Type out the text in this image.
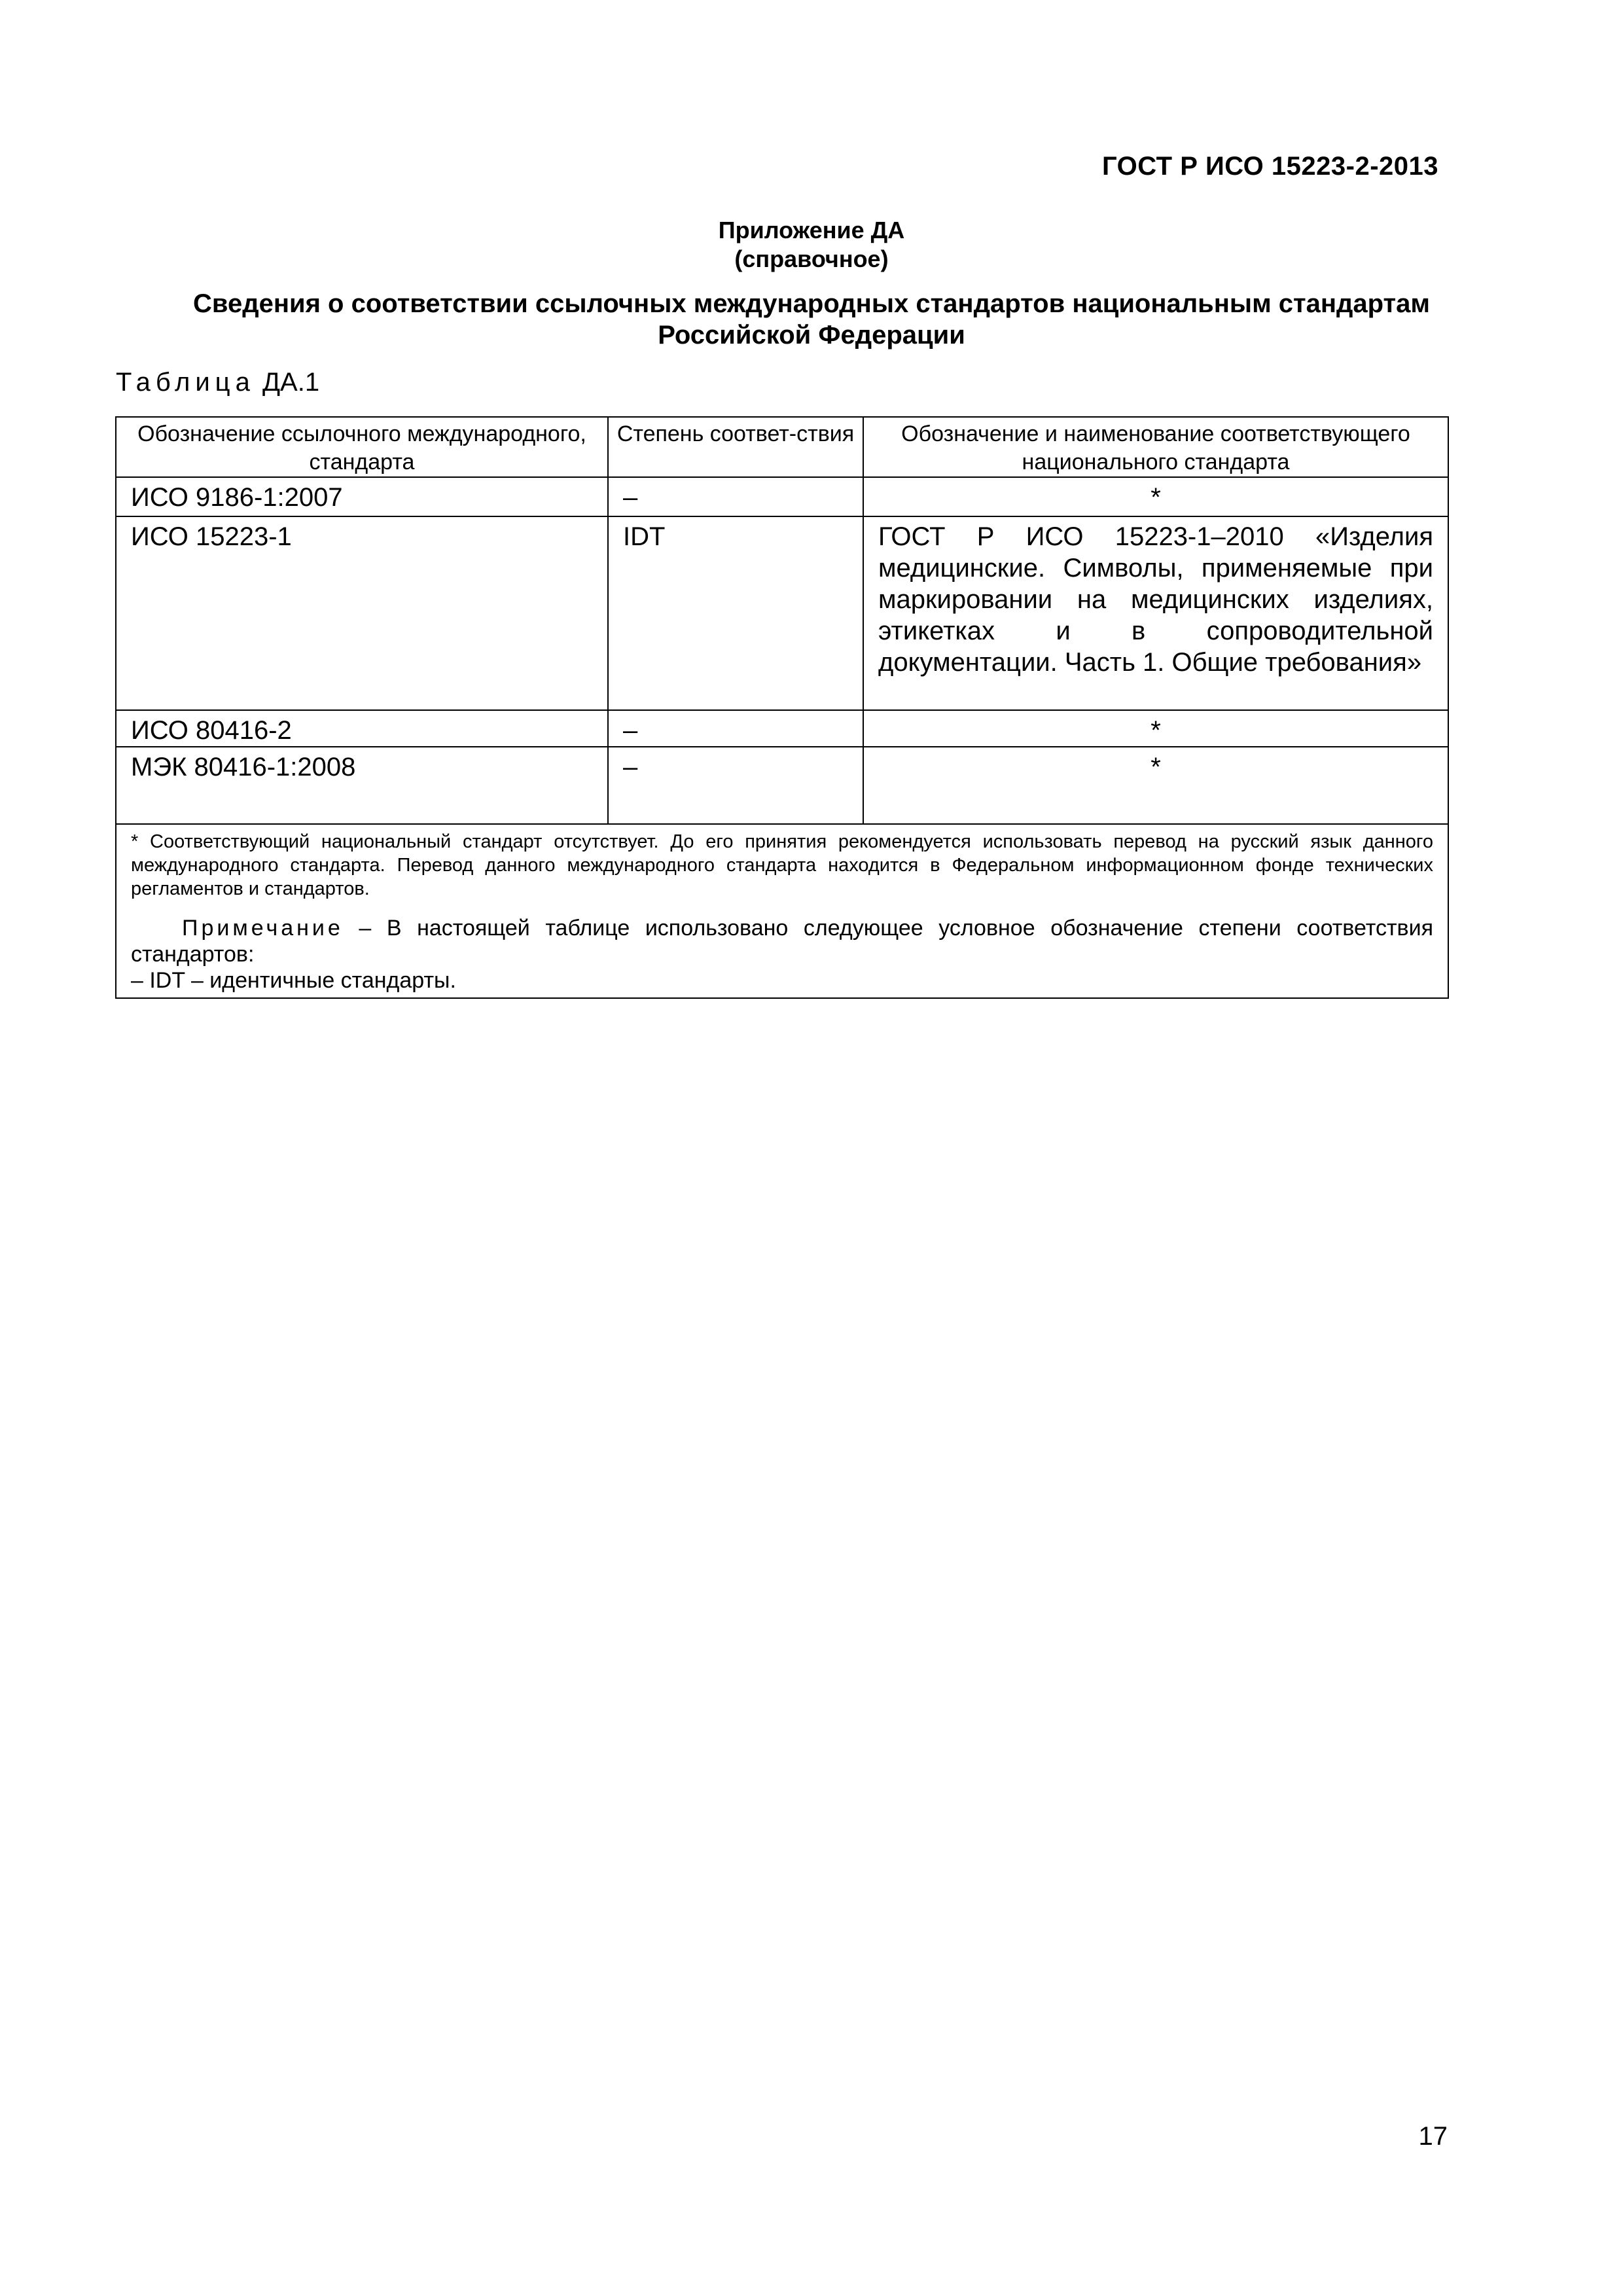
ГОСТ Р ИСО 15223-2-2013
Приложение ДА
(справочное)
Сведения о соответствии ссылочных международных стандартов национальным стандартам Российской Федерации
Таблица ДА.1
Обозначение ссылочного международного, стандарта	Степень соответ-ствия	Обозначение и наименование соответствующего национального стандарта
ИСО 9186-1:2007	–	*
ИСО 15223-1	IDT	ГОСТ Р ИСО 15223-1–2010 «Изделия медицинские. Символы, применяемые при маркировании на медицинских изделиях, этикетках и в сопроводительной документации. Часть 1. Общие требования»
ИСО 80416-2	–	*
МЭК 80416-1:2008	–	*

* Соответствующий национальный стандарт отсутствует. До его принятия рекомендуется использовать перевод на русский язык данного международного стандарта. Перевод данного международного стандарта находится в Федеральном информационном фонде технических регламентов и стандартов.

Примечание – В настоящей таблице использовано следующее условное обозначение степени соответствия стандартов:

– IDT – идентичные стандарты.		

17
